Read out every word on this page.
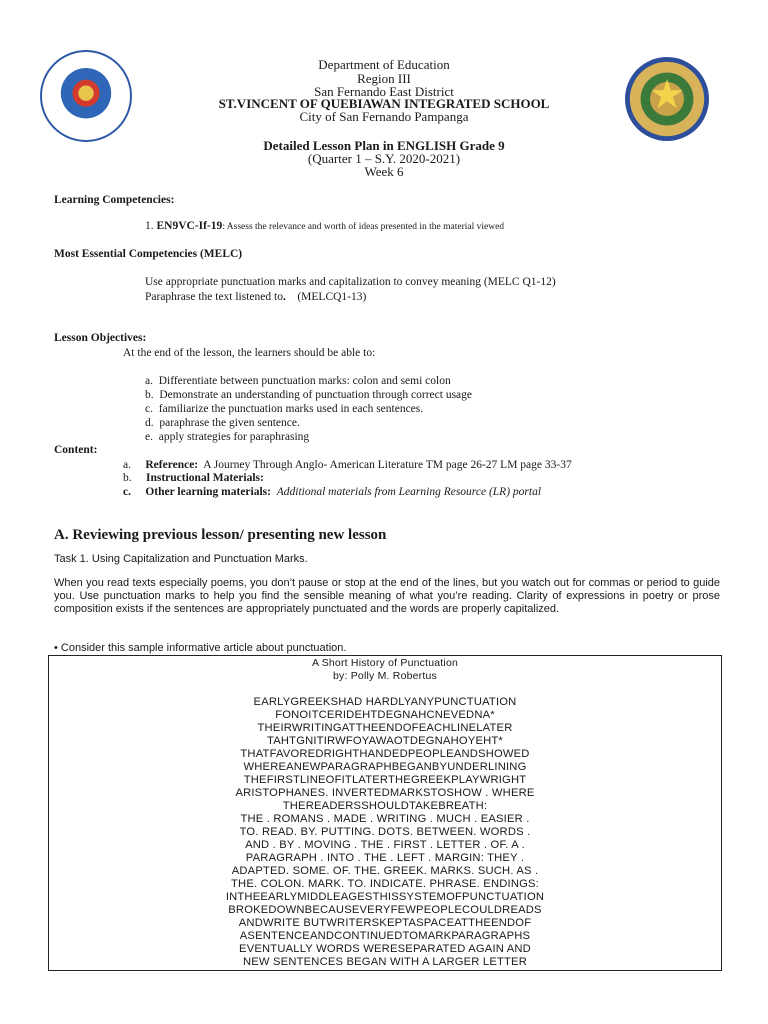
★
Department of Education
Region III
San Fernando East District
ST.VINCENT OF QUEBIAWAN INTEGRATED SCHOOL
City of San Fernando Pampanga
Detailed Lesson Plan in ENGLISH Grade 9
(Quarter 1 – S.Y. 2020-2021)
Week 6
Learning Competencies:
1. EN9VC-If-19: Assess the relevance and worth of ideas presented in the material viewed
Most Essential Competencies (MELC)
Use appropriate punctuation marks and capitalization to convey meaning (MELC Q1-12)
Paraphrase the text listened to. (MELCQ1-13)
Lesson Objectives:
At the end of the lesson, the learners should be able to:
a. Differentiate between punctuation marks: colon and semi colon
b. Demonstrate an understanding of punctuation through correct usage
c. familiarize the punctuation marks used in each sentences.
d. paraphrase the given sentence.
e. apply strategies for paraphrasing
Content:
a. Reference: A Journey Through Anglo- American Literature TM page 26-27 LM page 33-37
b. Instructional Materials:
c. Other learning materials: Additional materials from Learning Resource (LR) portal
A. Reviewing previous lesson/ presenting new lesson
Task 1. Using Capitalization and Punctuation Marks.
When you read texts especially poems, you don’t pause or stop at the end of the lines, but you watch out for commas or period to guide you. Use punctuation marks to help you find the sensible meaning of what you’re reading. Clarity of expressions in poetry or prose composition exists if the sentences are appropriately punctuated and the words are properly capitalized.
• Consider this sample informative article about punctuation.
A Short History of Punctuation
by: Polly M. Robertus
EARLYGREEKSHAD HARDLYANYPUNCTUATION
FONOITCERIDEHTDEGNAHCNEVEDNA*
THEIRWRITINGATTHEENDOFEACHLINELATER
TAHTGNITIRWFOYAWAOTDEGNAHOYEHT*
THATFAVOREDRIGHTHANDEDPEOPLEANDSHOWED
WHEREANEWPARAGRAPHBEGANBYUNDERLINING
THEFIRSTLINEOFITLATERTHEGREEKPLAYWRIGHT
ARISTOPHANES. INVERTEDMARKSTOSHOW . WHERE
THEREADERSSHOULDTAKEBREATH:
THE . ROMANS . MADE . WRITING . MUCH . EASIER .
TO. READ. BY. PUTTING. DOTS. BETWEEN. WORDS .
AND . BY . MOVING . THE . FIRST . LETTER . OF. A .
PARAGRAPH . INTO . THE . LEFT . MARGIN: THEY .
ADAPTED. SOME. OF. THE. GREEK. MARKS. SUCH. AS .
THE. COLON. MARK. TO. INDICATE. PHRASE. ENDINGS:
INTHEEARLYMIDDLEAGESTHISSYSTEMOFPUNCTUATION
BROKEDOWNBECAUSEVERYFEWPEOPLECOULDREADS
ANDWRITE BUTWRITERSKEPTASPACEATTHEENDOF
ASENTENCEANDCONTINUEDTOMARKPARAGRAPHS
EVENTUALLY WORDS WERESEPARATED AGAIN AND
NEW SENTENCES BEGAN WITH A LARGER LETTER
